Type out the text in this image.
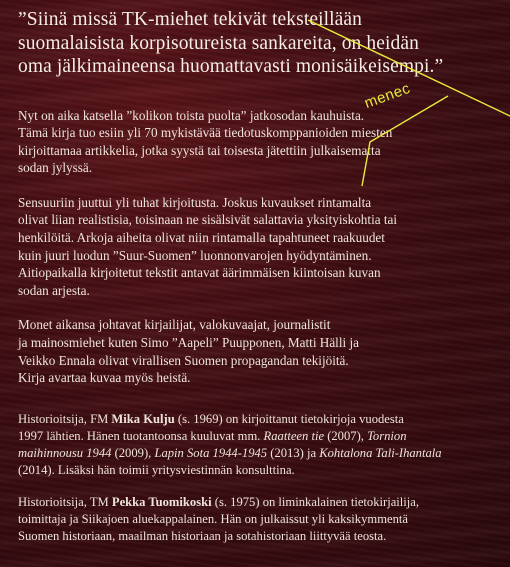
”Siinä missä TK-miehet tekivät teksteillään
suomalaisista korpisotureista sankareita, on heidän
oma jälkimaineensa huomattavasti monisäikeisempi.”

Nyt on aika katsella ”kolikon toista puolta” jatkosodan kauhuista.
Tämä kirja tuo esiin yli 70 mykistävää tiedotuskomppanioiden miesten
kirjoittamaa artikkelia, jotka syystä tai toisesta jätettiin julkaisematta
sodan jylyssä.

Sensuuriin juuttui yli tuhat kirjoitusta. Joskus kuvaukset rintamalta
olivat liian realistisia, toisinaan ne sisälsivät salattavia yksityiskohtia tai
henkilöitä. Arkoja aiheita olivat niin rintamalla tapahtuneet raakuudet
kuin juuri luodun ”Suur-Suomen” luonnonvarojen hyödyntäminen.
Aitiopaikalla kirjoitetut tekstit antavat äärimmäisen kiintoisan kuvan
sodan arjesta.

Monet aikansa johtavat kirjailijat, valokuvaajat, journalistit
ja mainosmiehet kuten Simo ”Aapeli” Puupponen, Matti Hälli ja
Veikko Ennala olivat virallisen Suomen propagandan tekijöitä.
Kirja avartaa kuvaa myös heistä.

Historioitsija, FM Mika Kulju (s. 1969) on kirjoittanut tietokirjoja vuodesta
1997 lähtien. Hänen tuotantoonsa kuuluvat mm. Raatteen tie (2007), Tornion
maihinnousu 1944 (2009), Lapin Sota 1944-1945 (2013) ja Kohtalona Tali-Ihantala
(2014). Lisäksi hän toimii yritysviestinnän konsulttina.

Historioitsija, TM Pekka Tuomikoski (s. 1975) on liminkalainen tietokirjailija,
toimittaja ja Siikajoen aluekappalainen. Hän on julkaissut yli kaksikymmentä
Suomen historiaan, maailman historiaan ja sotahistoriaan liittyvää teosta.

menec
